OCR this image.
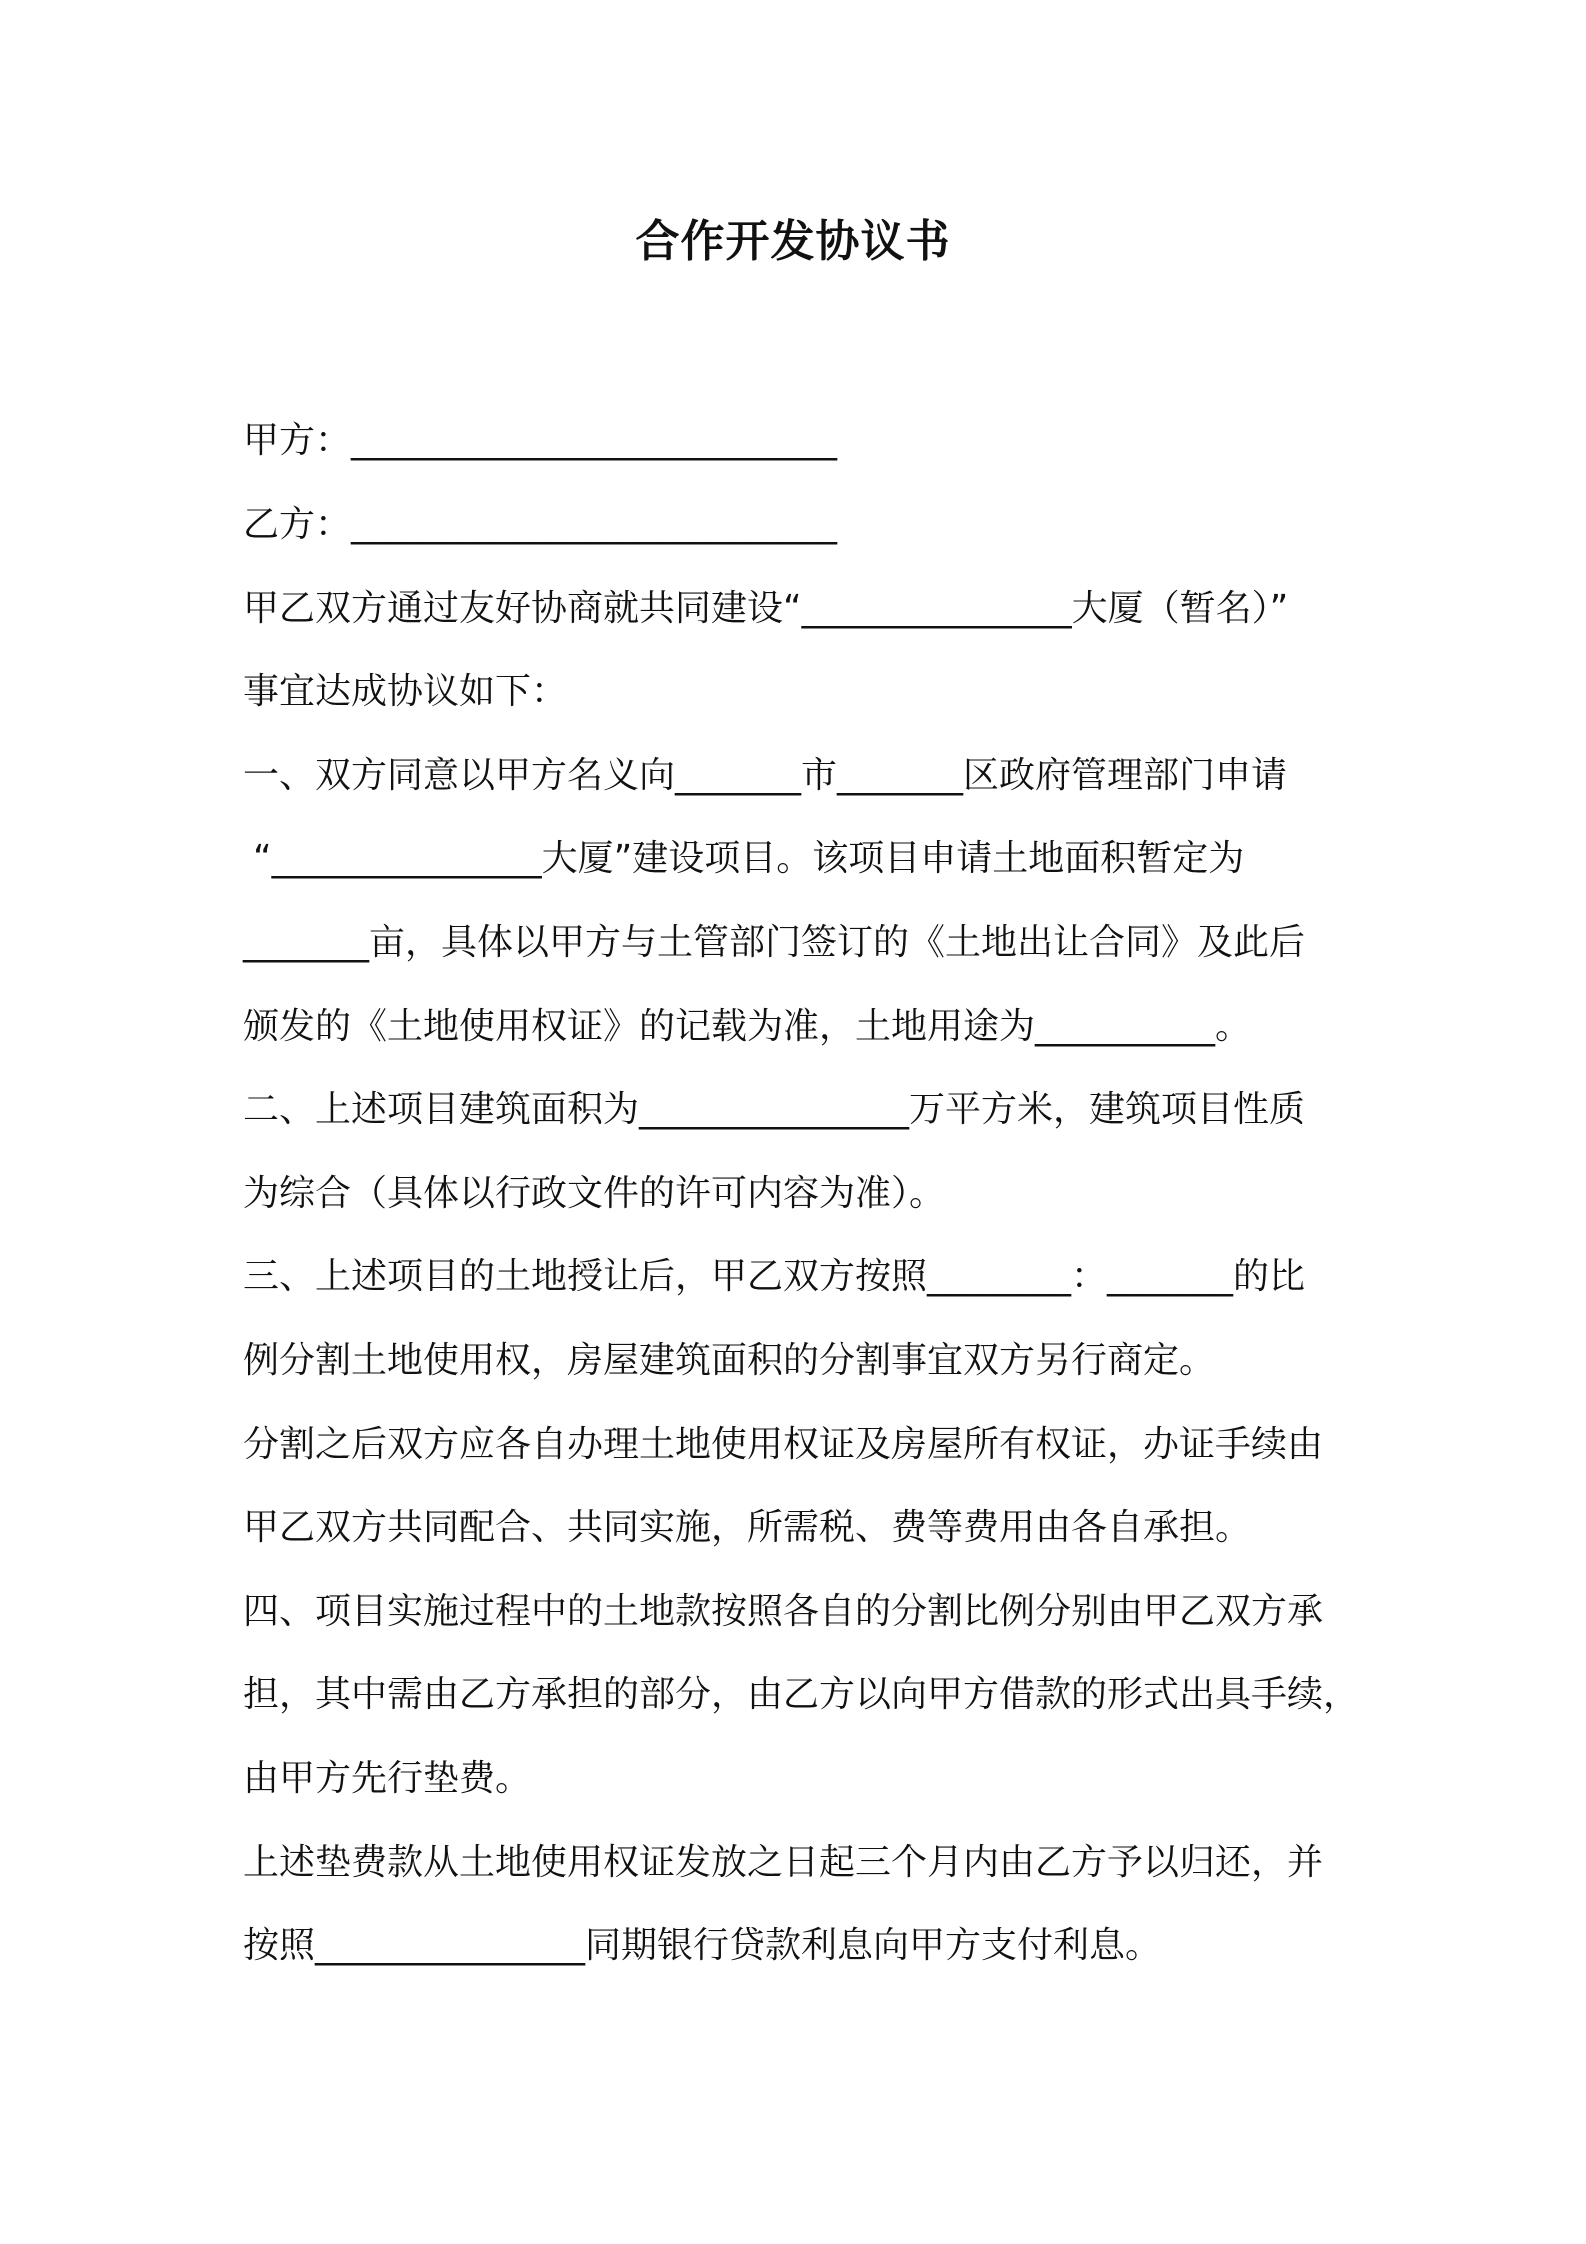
合作开发协议书
甲方：___________________________
乙方：___________________________
甲乙双方通过友好协商就共同建设“_______________大厦（暂名）”
事宜达成协议如下：
一、双方同意以甲方名义向_______市_______区政府管理部门申请
“_______________大厦”建设项目。该项目申请土地面积暂定为
_______亩，具体以甲方与土管部门签订的《土地出让合同》及此后
颁发的《土地使用权证》的记载为准，土地用途为__________。
二、上述项目建筑面积为_______________万平方米，建筑项目性质
为综合（具体以行政文件的许可内容为准）。
三、上述项目的土地授让后，甲乙双方按照________：_______的比
例分割土地使用权，房屋建筑面积的分割事宜双方另行商定。
分割之后双方应各自办理土地使用权证及房屋所有权证，办证手续由
甲乙双方共同配合、共同实施，所需税、费等费用由各自承担。
四、项目实施过程中的土地款按照各自的分割比例分别由甲乙双方承
担，其中需由乙方承担的部分，由乙方以向甲方借款的形式出具手续，
由甲方先行垫费。
上述垫费款从土地使用权证发放之日起三个月内由乙方予以归还，并
按照_______________同期银行贷款利息向甲方支付利息。
